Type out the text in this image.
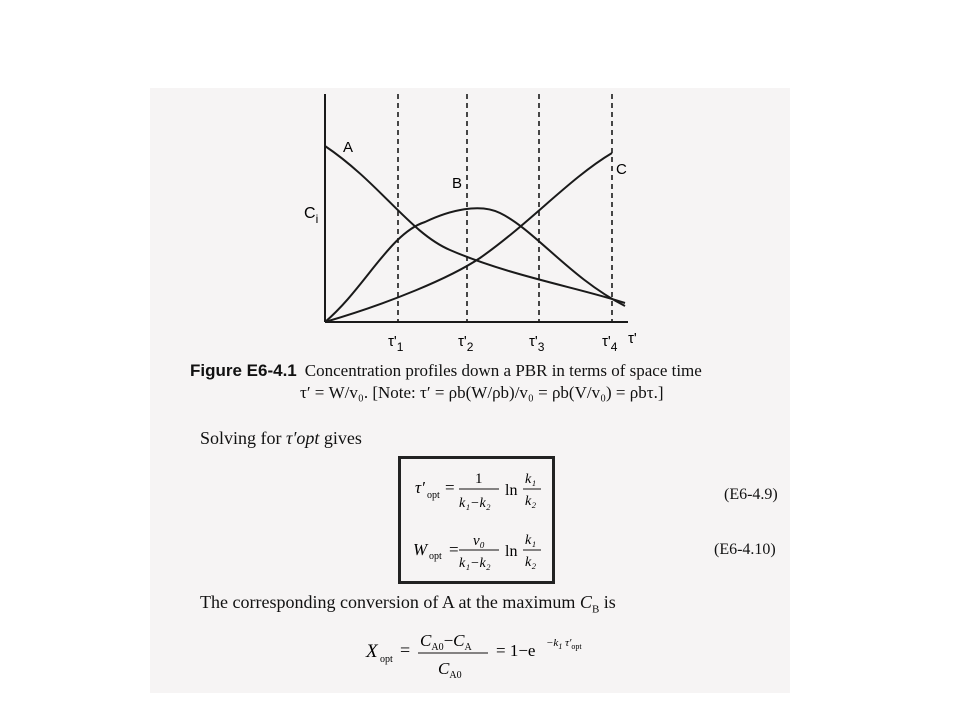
A
B
C
$C_i$
$\tau'_1$	$\tau'_2$	$\tau'_3$	$\tau'_4$ τ'
Figure E6-4.1 Concentration profiles down a PBR in terms of space time
τ′ = W/v₀. [Note: τ′ = ρb(W/ρb)/v₀ = ρb(V/v₀) = ρbτ.]
Solving for τ′opt gives
τ′ opt = 1
k₁−k₂
ln
k₁
k₂
W opt = v₀
k₁−k₂
ln
k₁
k₂
(E6-4.9)
(E6-4.10)
The corresponding conversion of A at the maximum $C_B$ is
X opt = $C_{A0}-C_A$
$C_{A0}$
= $1-e -k_1$ $\tau'_{opt}$
